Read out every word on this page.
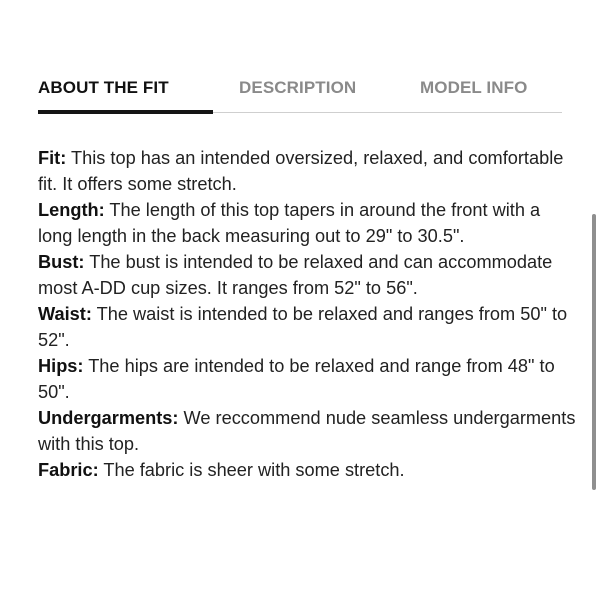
ABOUT THE FIT	DESCRIPTION	MODEL INFO

Fit: This top has an intended oversized, relaxed, and comfortable fit. It offers some stretch.

Length: The length of this top tapers in around the front with a long length in the back measuring out to 29" to 30.5".

Bust: The bust is intended to be relaxed and can accommodate most A-DD cup sizes. It ranges from 52" to 56".

Waist: The waist is intended to be relaxed and ranges from 50" to 52".

Hips: The hips are intended to be relaxed and range from 48" to 50".

Undergarments: We reccommend nude seamless undergarments with this top.

Fabric: The fabric is sheer with some stretch.
